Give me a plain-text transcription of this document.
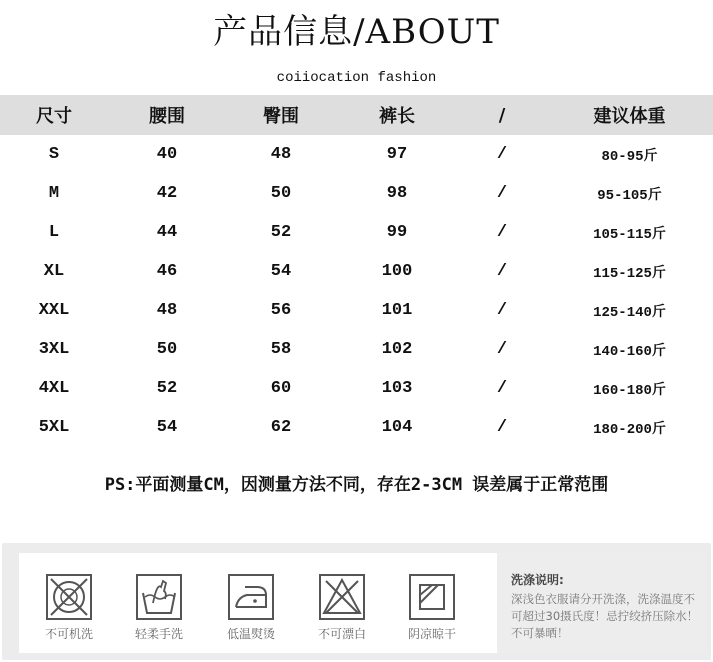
产品信息/ABOUT
coiiocation fashion
尺寸	腰围	臀围	裤长	/	建议体重
S	40	48	97	/	80-95斤
M	42	50	98	/	95-105斤
L	44	52	99	/	105-115斤
XL	46	54	100	/	115-125斤
XXL	48	56	101	/	125-140斤
3XL	50	58	102	/	140-160斤
4XL	52	60	103	/	160-180斤
5XL	54	62	104	/	180-200斤
PS:平面测量CM，因测量方法不同，存在2-3CM 误差属于正常范围
不可机洗	轻柔手洗	低温熨烫	不可漂白	阴凉晾干
洗涤说明:
深浅色衣服请分开洗涤，洗涤温度不可超过30摄氏度！忌拧绞挤压除水！不可暴晒！
